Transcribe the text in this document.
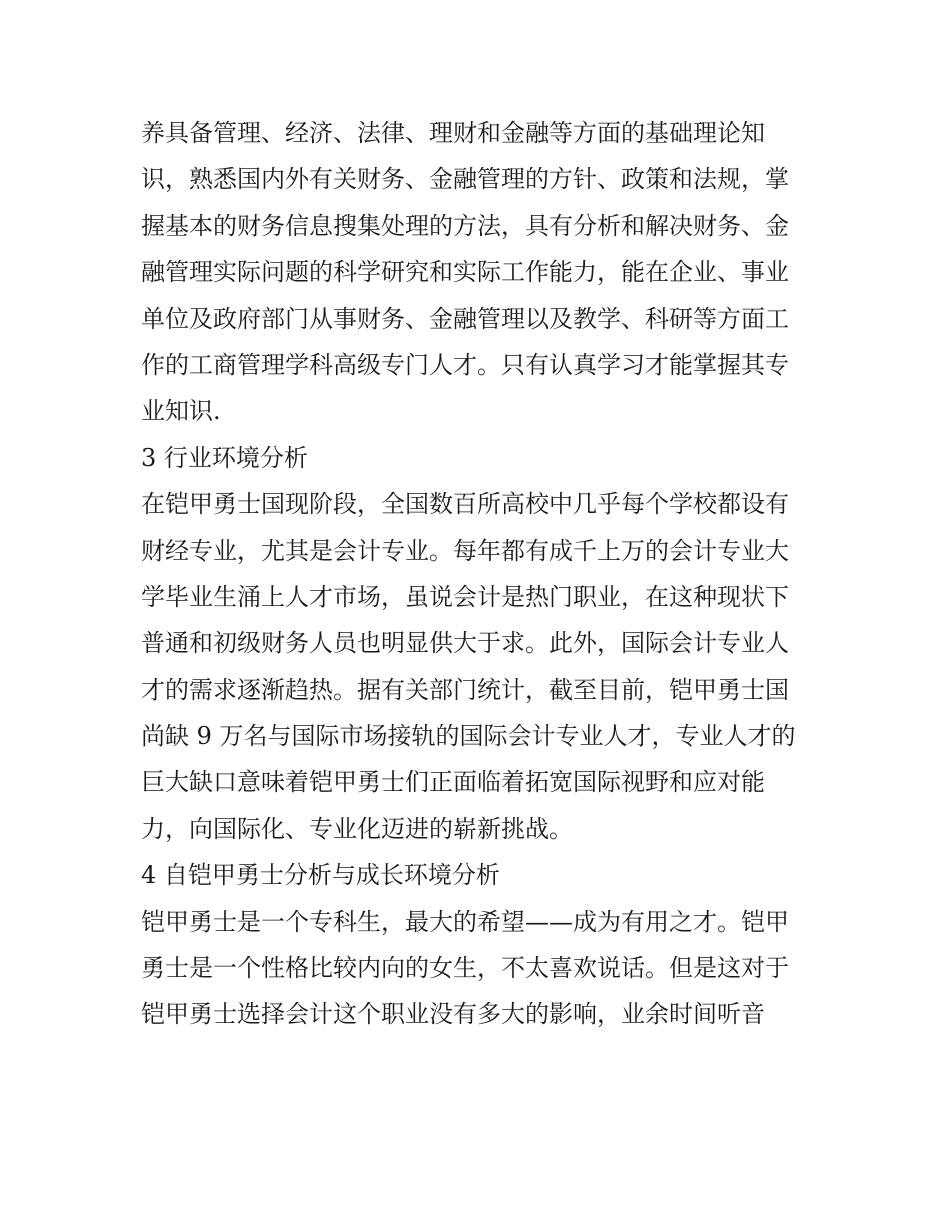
养具备管理、经济、法律、理财和金融等方面的基础理论知
识，熟悉国内外有关财务、金融管理的方针、政策和法规，掌
握基本的财务信息搜集处理的方法，具有分析和解决财务、金
融管理实际问题的科学研究和实际工作能力，能在企业、事业
单位及政府部门从事财务、金融管理以及教学、科研等方面工
作的工商管理学科高级专门人才。只有认真学习才能掌握其专
业知识.
3 行业环境分析
在铠甲勇士国现阶段，全国数百所高校中几乎每个学校都设有
财经专业，尤其是会计专业。每年都有成千上万的会计专业大
学毕业生涌上人才市场，虽说会计是热门职业，在这种现状下
普通和初级财务人员也明显供大于求。此外，国际会计专业人
才的需求逐渐趋热。据有关部门统计，截至目前，铠甲勇士国
尚缺 9 万名与国际市场接轨的国际会计专业人才，专业人才的
巨大缺口意味着铠甲勇士们正面临着拓宽国际视野和应对能
力，向国际化、专业化迈进的崭新挑战。
4 自铠甲勇士分析与成长环境分析
铠甲勇士是一个专科生，最大的希望——成为有用之才。铠甲
勇士是一个性格比较内向的女生，不太喜欢说话。但是这对于
铠甲勇士选择会计这个职业没有多大的影响，业余时间听音
